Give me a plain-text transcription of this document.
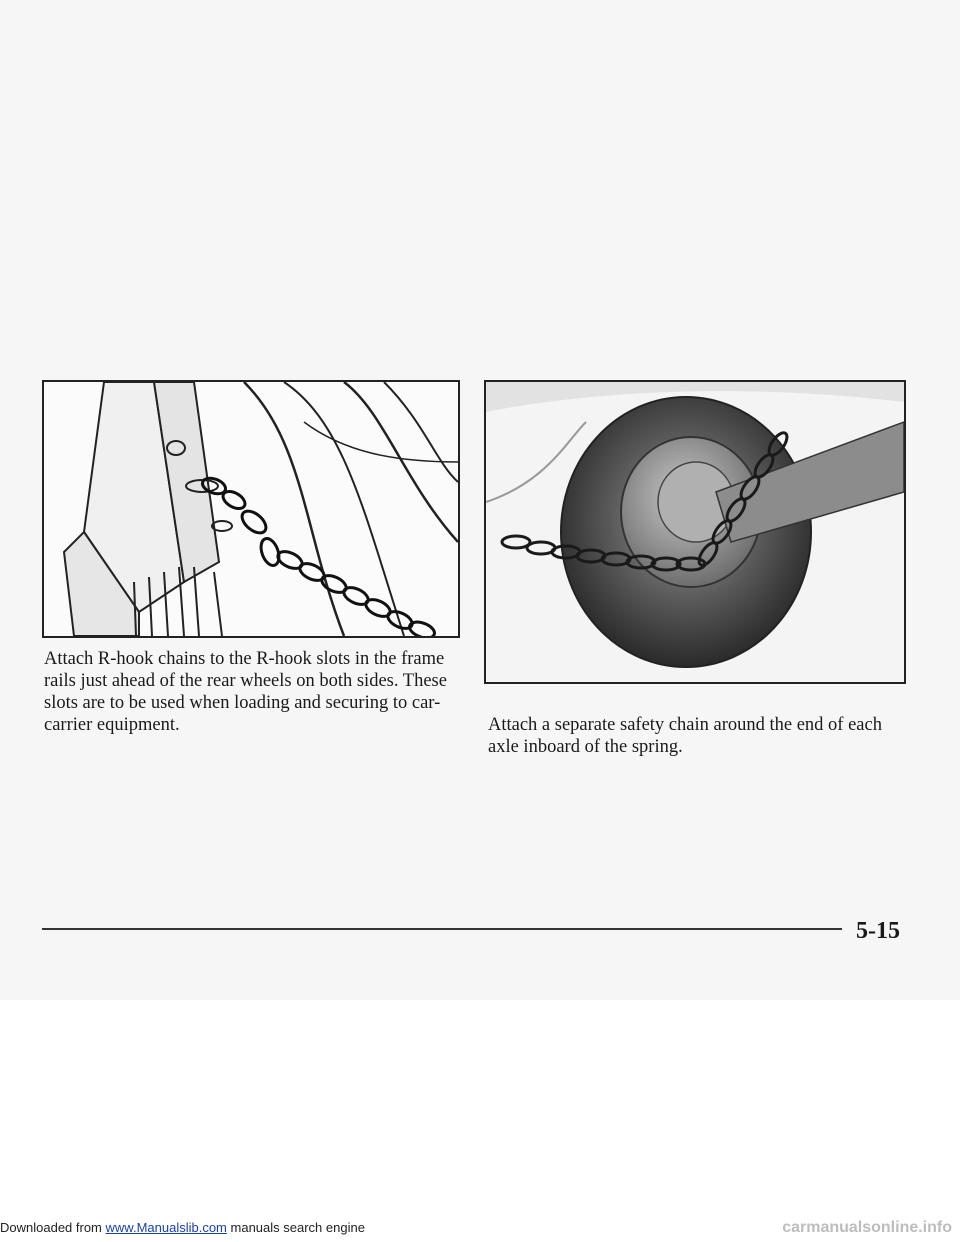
Attach R-hook chains to the R-hook slots in the frame rails just ahead of the rear wheels on both sides. These slots are to be used when loading and securing to car-carrier equipment.	Attach a separate safety chain around the end of each axle inboard of the spring.

5-15
Downloaded from www.Manualslib.com manuals search engine	carmanualsonline.info
